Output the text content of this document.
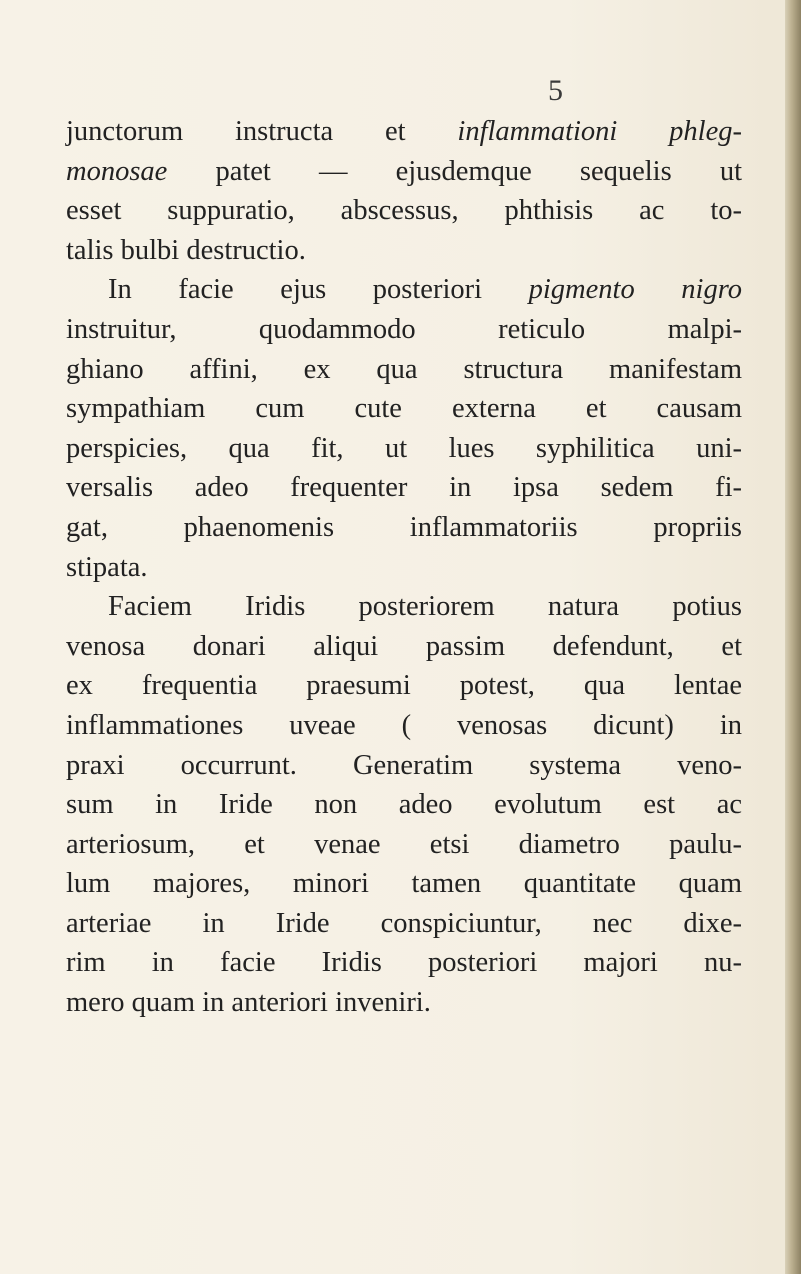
5
junctorum instructa et inflammationi phleg-
monosae patet — ejusdemque sequelis ut
esset suppuratio, abscessus, phthisis ac to-
talis bulbi destructio.
In facie ejus posteriori pigmento nigro
instruitur, quodammodo reticulo malpi-
ghiano affini, ex qua structura manifestam
sympathiam cum cute externa et causam
perspicies, qua fit, ut lues syphilitica uni-
versalis adeo frequenter in ipsa sedem fi-
gat, phaenomenis inflammatoriis propriis
stipata.
Faciem Iridis posteriorem natura potius
venosa donari aliqui passim defendunt, et
ex frequentia praesumi potest, qua lentae
inflammationes uveae ( venosas dicunt) in
praxi occurrunt. Generatim systema veno-
sum in Iride non adeo evolutum est ac
arteriosum, et venae etsi diametro paulu-
lum majores, minori tamen quantitate quam
arteriae in Iride conspiciuntur, nec dixe-
rim in facie Iridis posteriori majori nu-
mero quam in anteriori inveniri.
